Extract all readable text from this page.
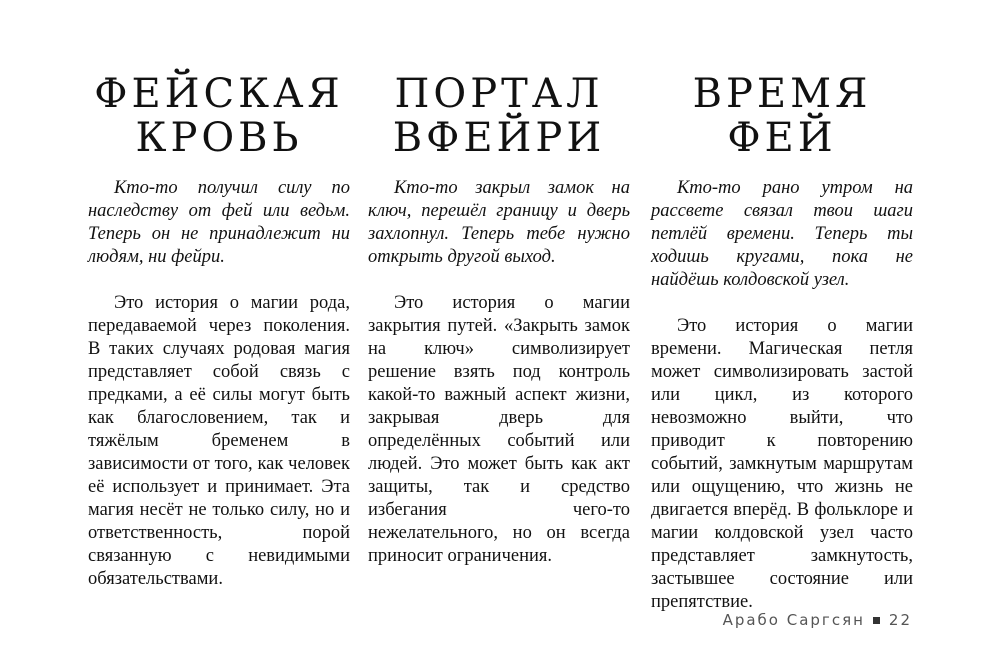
ФЕЙСКАЯ
КРОВЬ

Кто-то получил силу по наследству от фей или ведьм. Теперь он не принадлежит ни людям, ни фейри.

Это история о магии рода, передаваемой через поколения. В таких случаях родовая магия представляет собой связь с предками, а её силы могут быть как благословением, так и тяжёлым бременем в зависимости от того, как человек её использует и принимает. Эта магия несёт не только силу, но и ответственность, порой связанную с невидимыми обязательствами.

ПОРТАЛ
ВФЕЙРИ

Кто-то закрыл замок на ключ, перешёл границу и дверь захлопнул. Теперь тебе нужно открыть другой выход.

Это история о магии закрытия путей. «Закрыть замок на ключ» символизирует решение взять под контроль какой-то важный аспект жизни, закрывая дверь для определённых событий или людей. Это может быть как акт защиты, так и средство избегания чего-то нежелательного, но он всегда приносит ограничения.

ВРЕМЯ
ФЕЙ

Кто-то рано утром на рассвете связал твои шаги петлёй времени. Теперь ты ходишь кругами, пока не найдёшь колдовской узел.

Это история о магии времени. Магическая петля может символизировать застой или цикл, из которого невозможно выйти, что приводит к повторению событий, замкнутым маршрутам или ощущению, что жизнь не двигается вперёд. В фольклоре и магии колдовской узел часто представляет замкнутость, застывшее состояние или препятствие.

Арабо Саргсян 22
